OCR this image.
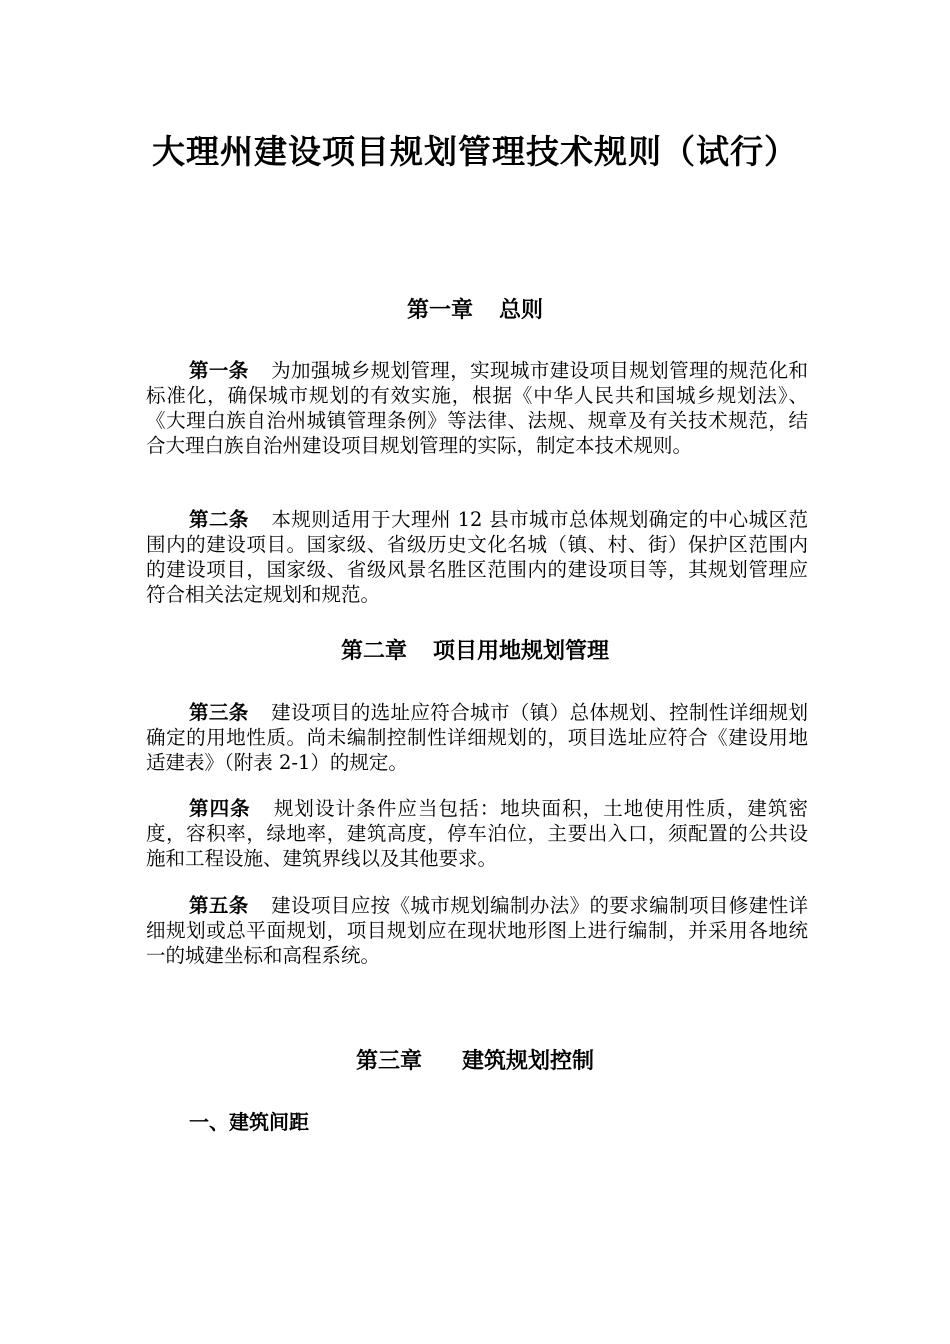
大理州建设项目规划管理技术规则（试行）
第一章 总则

第一条 为加强城乡规划管理，实现城市建设项目规划管理的规范化和标准化，确保城市规划的有效实施，根据《中华人民共和国城乡规划法》、《大理白族自治州城镇管理条例》等法律、法规、规章及有关技术规范，结合大理白族自治州建设项目规划管理的实际，制定本技术规则。

第二条 本规则适用于大理州 12 县市城市总体规划确定的中心城区范围内的建设项目。国家级、省级历史文化名城（镇、村、街）保护区范围内的建设项目，国家级、省级风景名胜区范围内的建设项目等，其规划管理应符合相关法定规划和规范。

第二章 项目用地规划管理

第三条 建设项目的选址应符合城市（镇）总体规划、控制性详细规划确定的用地性质。尚未编制控制性详细规划的，项目选址应符合《建设用地适建表》（附表 2-1）的规定。

第四条 规划设计条件应当包括：地块面积，土地使用性质，建筑密度，容积率，绿地率，建筑高度，停车泊位，主要出入口，须配置的公共设施和工程设施、建筑界线以及其他要求。

第五条 建设项目应按《城市规划编制办法》的要求编制项目修建性详细规划或总平面规划，项目规划应在现状地形图上进行编制，并采用各地统一的城建坐标和高程系统。

第三章 建筑规划控制
一、建筑间距
